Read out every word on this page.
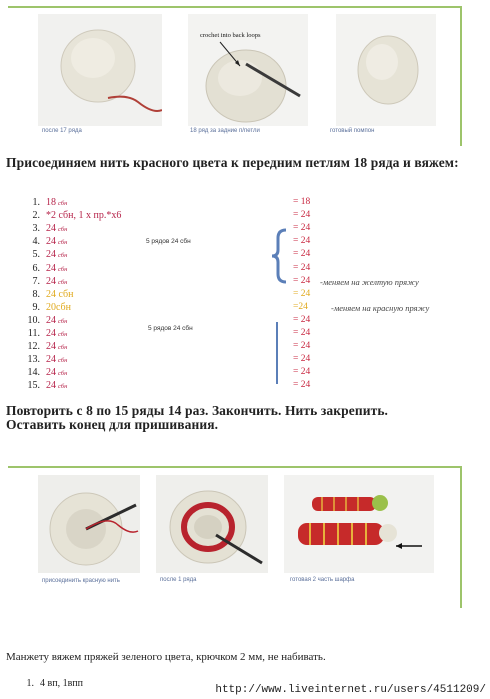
после 17 ряда
crochet into back loops
18 ряд за задние п/петли	готовый помпон
Присоединяем нить красного цвета к передним петлям 18 ряда и вяжем:
1. 18 сбн	= 18
2. *2 сбн, 1 х пр.*х6	= 24
3. 24 сбн	= 24
4. 24 сбн	= 24
5. 24 сбн	= 24
6. 24 сбн	= 24
7. 24 сбн	= 24
8. 24 сбн	= 24
9. 20сбн	=24
10. 24 сбн	= 24
11. 24 сбн	= 24
12. 24 сбн	= 24
13. 24 сбн	= 24
14. 24 сбн	= 24
15. 24 сбн	= 24
5 рядов 24 сбн
5 рядов 24 сбн
-меняем на желтую пряжу
-меняем на красную пряжу
Повторить с 8 по 15 ряды 14 раз. Закончить. Нить закрепить. Оставить конец для пришивания.
присоединить красную нить	после 1 ряда	готовая 2 часть шарфа
Манжету вяжем пряжей зеленого цвета, крючком 2 мм, не набивать.
1. 4 вп, 1впп
http://www.liveinternet.ru/users/4511209/
